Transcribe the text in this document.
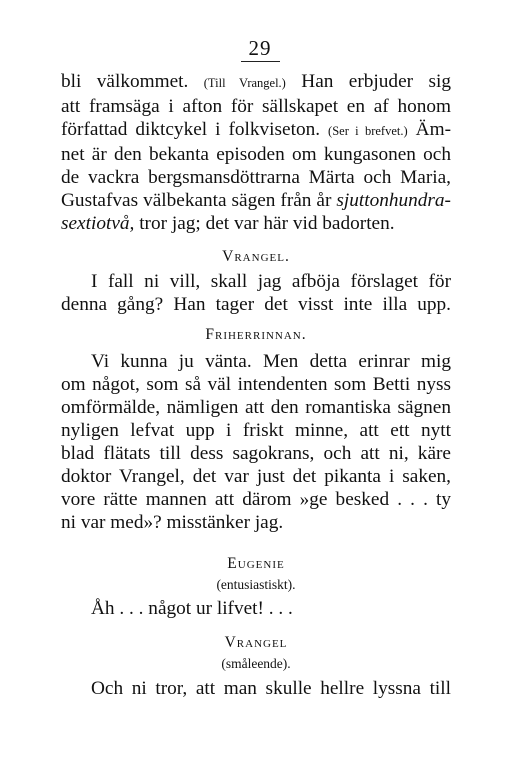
29
bli välkommet. (Till Vrangel.) Han erbjuder sig
att framsäga i afton för sällskapet en af honom
författad diktcykel i folkviseton. (Ser i brefvet.) Äm-
net är den bekanta episoden om kungasonen och
de vackra bergsmansdöttrarna Märta och Maria,
Gustafvas välbekanta sägen från år sjuttonhundra-
sextiotvå, tror jag; det var här vid badorten.
Vrangel.
I fall ni vill, skall jag afböja förslaget för
denna gång? Han tager det visst inte illa upp.
Friherrinnan.
Vi kunna ju vänta. Men detta erinrar mig
om något, som så väl intendenten som Betti nyss
omförmälde, nämligen att den romantiska sägnen
nyligen lefvat upp i friskt minne, att ett nytt
blad flätats till dess sagokrans, och att ni, käre
doktor Vrangel, det var just det pikanta i saken,
vore rätte mannen att därom »ge besked . . . ty
ni var med»? misstänker jag.
Eugenie
(entusiastiskt).
Åh . . . något ur lifvet! . . .
Vrangel
(småleende).
Och ni tror, att man skulle hellre lyssna till
